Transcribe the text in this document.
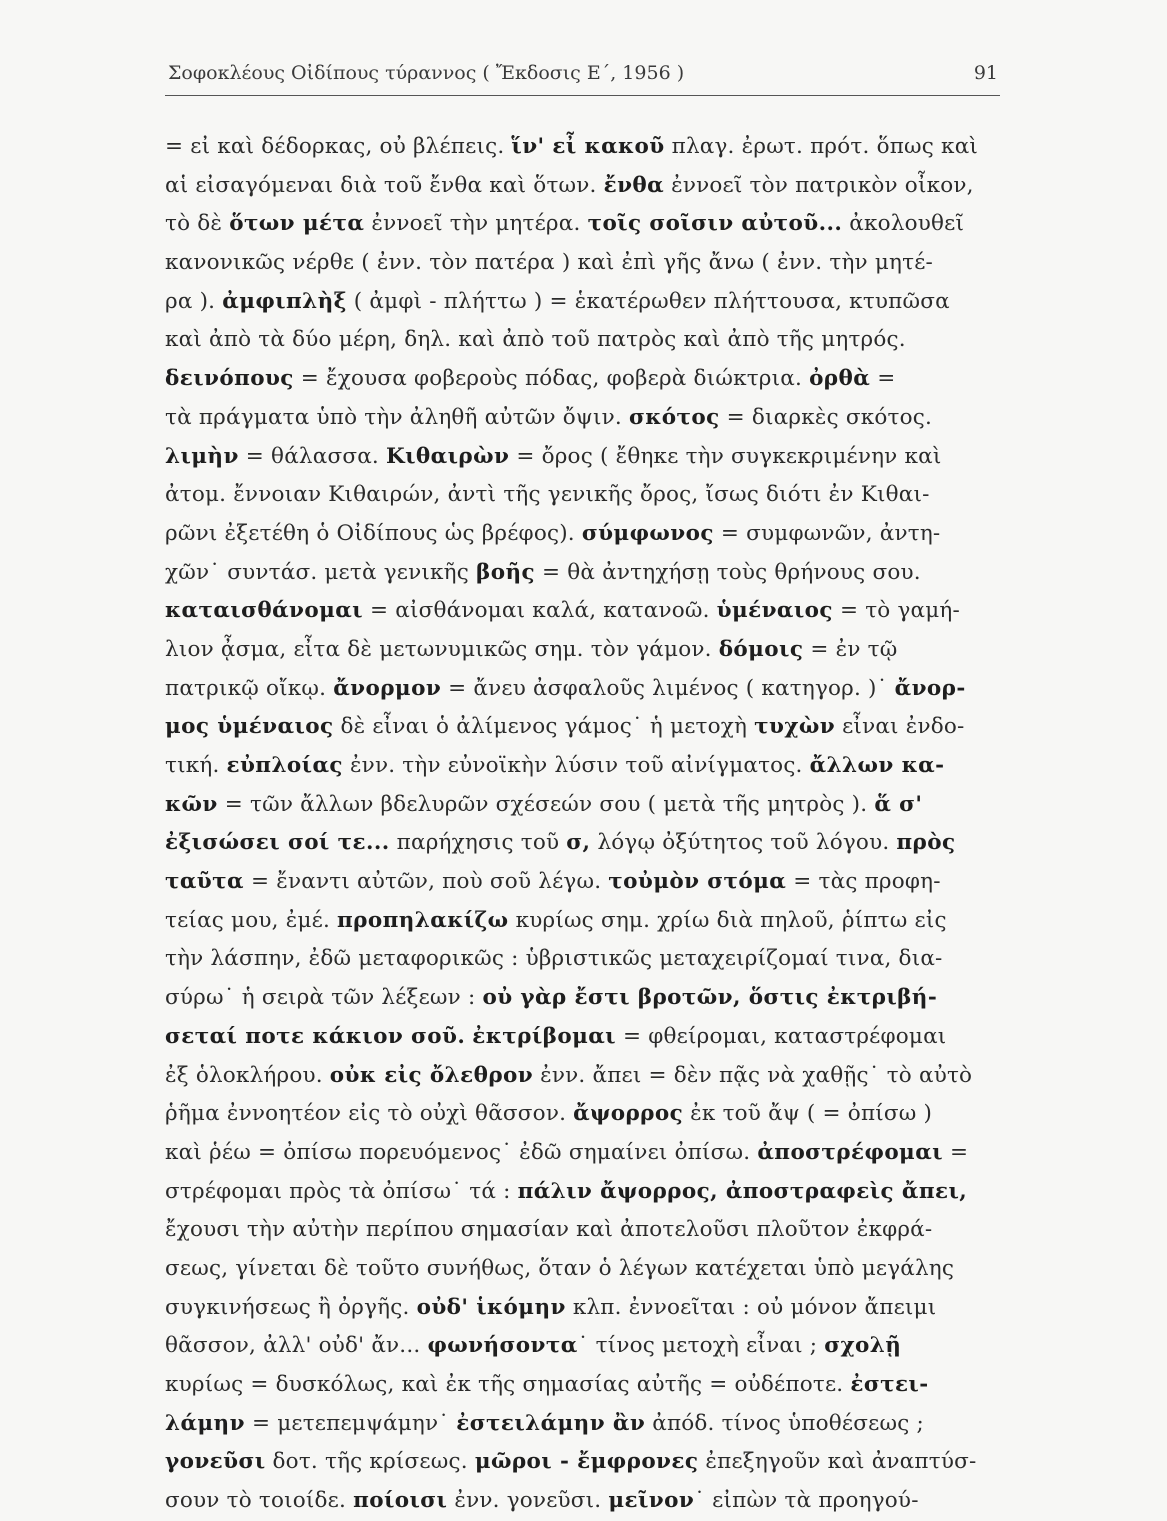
Σοφοκλέους Οἰδίπους τύραννος ( Ἔκδοσις Ε΄, 1956 )	91
= εἰ καὶ δέδορκας, οὐ βλέπεις. ἵν' εἶ κακοῦ πλαγ. ἐρωτ. πρότ. ὅπως καὶ
αἱ εἰσαγόμεναι διὰ τοῦ ἔνθα καὶ ὅτων. ἔνθα ἐννοεῖ τὸν πατρικὸν οἶκον,
τὸ δὲ ὅτων μέτα ἐννοεῖ τὴν μητέρα. τοῖς σοῖσιν αὐτοῦ... ἀκολουθεῖ
κανονικῶς νέρθε ( ἐνν. τὸν πατέρα ) καὶ ἐπὶ γῆς ἄνω ( ἐνν. τὴν μητέ-
ρα ). ἀμφιπλὴξ ( ἀμφὶ - πλήττω ) = ἑκατέρωθεν πλήττουσα, κτυπῶσα
καὶ ἀπὸ τὰ δύο μέρη, δηλ. καὶ ἀπὸ τοῦ πατρὸς καὶ ἀπὸ τῆς μητρός.
δεινόπους = ἔχουσα φοβεροὺς πόδας, φοβερὰ διώκτρια. ὀρθὰ =
τὰ πράγματα ὑπὸ τὴν ἀληθῆ αὐτῶν ὄψιν. σκότος = διαρκὲς σκότος.
λιμὴν = θάλασσα. Κιθαιρὼν = ὄρος ( ἔθηκε τὴν συγκεκριμένην καὶ
ἀτομ. ἔννοιαν Κιθαιρών, ἀντὶ τῆς γενικῆς ὄρος, ἴσως διότι ἐν Κιθαι-
ρῶνι ἐξετέθη ὁ Οἰδίπους ὡς βρέφος). σύμφωνος = συμφωνῶν, ἀντη-
χῶν˙ συντάσ. μετὰ γενικῆς βοῆς = θὰ ἀντηχήσῃ τοὺς θρήνους σου.
καταισθάνομαι = αἰσθάνομαι καλά, κατανοῶ. ὑμέναιος = τὸ γαμή-
λιον ᾆσμα, εἶτα δὲ μετωνυμικῶς σημ. τὸν γάμον. δόμοις = ἐν τῷ
πατρικῷ οἴκῳ. ἄνορμον = ἄνευ ἀσφαλοῦς λιμένος ( κατηγορ. )˙ ἄνορ-
μος ὑμέναιος δὲ εἶναι ὁ ἀλίμενος γάμος˙ ἡ μετοχὴ τυχὼν εἶναι ἐνδο-
τική. εὐπλοίας ἐνν. τὴν εὐνοϊκὴν λύσιν τοῦ αἰνίγματος. ἄλλων κα-
κῶν = τῶν ἄλλων βδελυρῶν σχέσεών σου ( μετὰ τῆς μητρὸς ). ἅ σ'
ἐξισώσει σοί τε... παρήχησις τοῦ σ, λόγῳ ὀξύτητος τοῦ λόγου. πρὸς
ταῦτα = ἔναντι αὐτῶν, ποὺ σοῦ λέγω. τοὐμὸν στόμα = τὰς προφη-
τείας μου, ἐμέ. προπηλακίζω κυρίως σημ. χρίω διὰ πηλοῦ, ῥίπτω εἰς
τὴν λάσπην, ἐδῶ μεταφορικῶς : ὑβριστικῶς μεταχειρίζομαί τινα, δια-
σύρω˙ ἡ σειρὰ τῶν λέξεων : οὐ γὰρ ἔστι βροτῶν, ὅστις ἐκτριβή-
σεταί ποτε κάκιον σοῦ. ἐκτρίβομαι = φθείρομαι, καταστρέφομαι
ἐξ ὁλοκλήρου. οὐκ εἰς ὄλεθρον ἐνν. ἄπει = δὲν πᾷς νὰ χαθῇς˙ τὸ αὐτὸ
ῥῆμα ἐννοητέον εἰς τὸ οὐχὶ θᾶσσον. ἄψορρος ἐκ τοῦ ἄψ ( = ὀπίσω )
καὶ ῥέω = ὀπίσω πορευόμενος˙ ἐδῶ σημαίνει ὀπίσω. ἀποστρέφομαι =
στρέφομαι πρὸς τὰ ὀπίσω˙ τά : πάλιν ἄψορρος, ἀποστραφεὶς ἄπει,
ἔχουσι τὴν αὐτὴν περίπου σημασίαν καὶ ἀποτελοῦσι πλοῦτον ἐκφρά-
σεως, γίνεται δὲ τοῦτο συνήθως, ὅταν ὁ λέγων κατέχεται ὑπὸ μεγάλης
συγκινήσεως ἢ ὀργῆς. οὐδ' ἱκόμην κλπ. ἐννοεῖται : οὐ μόνον ἄπειμι
θᾶσσον, ἀλλ' οὐδ' ἄν... φωνήσοντα˙ τίνος μετοχὴ εἶναι ; σχολῇ
κυρίως = δυσκόλως, καὶ ἐκ τῆς σημασίας αὐτῆς = οὐδέποτε. ἐστει-
λάμην = μετεπεμψάμην˙ ἐστειλάμην ἂν ἀπόδ. τίνος ὑποθέσεως ;
γονεῦσι δοτ. τῆς κρίσεως. μῶροι - ἔμφρονες ἐπεξηγοῦν καὶ ἀναπτύσ-
σουν τὸ τοιοίδε. ποίοισι ἐνν. γονεῦσι. μεῖνον˙ εἰπὼν τὰ προηγού-
